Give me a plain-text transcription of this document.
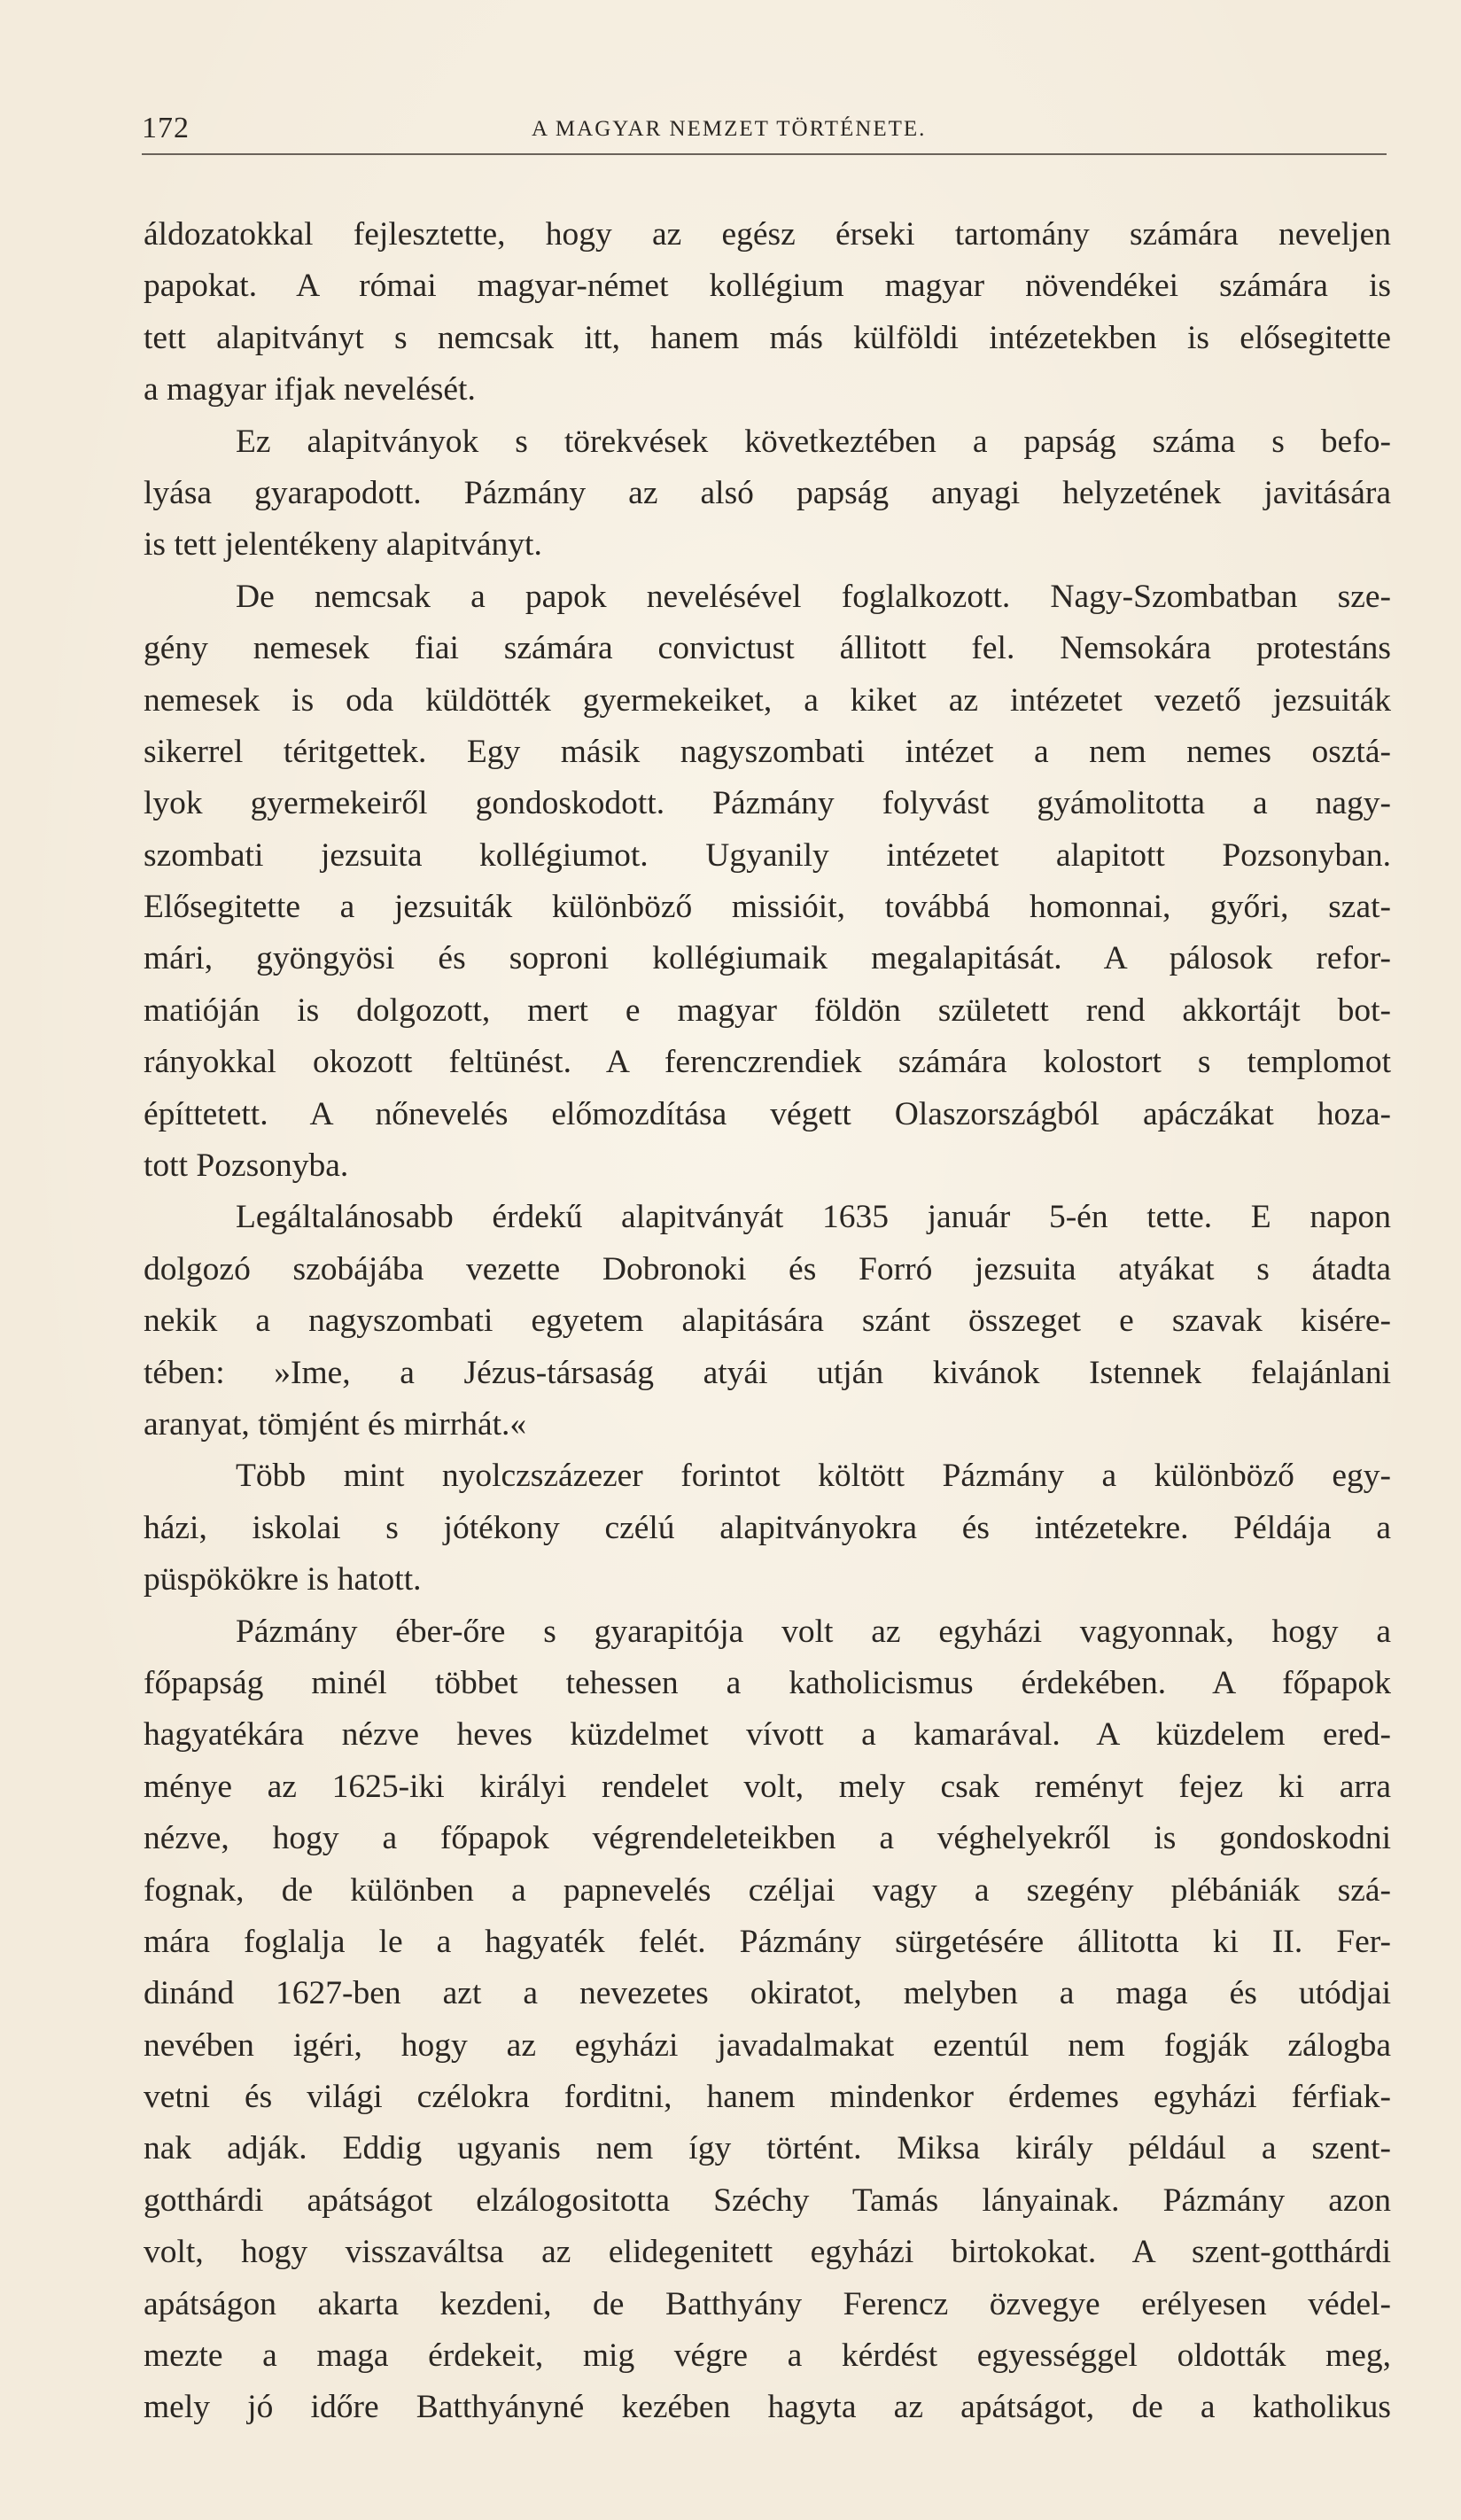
172	A MAGYAR NEMZET TÖRTÉNETE.
áldozatokkal fejlesztette, hogy az egész érseki tartomány számára neveljen
papokat. A római magyar-német kollégium magyar növendékei számára is
tett alapitványt s nemcsak itt, hanem más külföldi intézetekben is elősegitette
a magyar ifjak nevelését.
Ez alapitványok s törekvések következtében a papság száma s befo-
lyása gyarapodott. Pázmány az alsó papság anyagi helyzetének javitására
is tett jelentékeny alapitványt.
De nemcsak a papok nevelésével foglalkozott. Nagy-Szombatban sze-
gény nemesek fiai számára convictust állitott fel. Nemsokára protestáns
nemesek is oda küldötték gyermekeiket, a kiket az intézetet vezető jezsuiták
sikerrel téritgettek. Egy másik nagyszombati intézet a nem nemes osztá-
lyok gyermekeiről gondoskodott. Pázmány folyvást gyámolitotta a nagy-
szombati jezsuita kollégiumot. Ugyanily intézetet alapitott Pozsonyban.
Elősegitette a jezsuiták különböző missióit, továbbá homonnai, győri, szat-
mári, gyöngyösi és soproni kollégiumaik megalapitását. A pálosok refor-
matióján is dolgozott, mert e magyar földön született rend akkortájt bot-
rányokkal okozott feltünést. A ferenczrendiek számára kolostort s templomot
építtetett. A nőnevelés előmozdítása végett Olaszországból apáczákat hoza-
tott Pozsonyba.
Legáltalánosabb érdekű alapitványát 1635 január 5-én tette. E napon
dolgozó szobájába vezette Dobronoki és Forró jezsuita atyákat s átadta
nekik a nagyszombati egyetem alapitására szánt összeget e szavak kisére-
tében: »Ime, a Jézus-társaság atyái utján kivánok Istennek felajánlani
aranyat, tömjént és mirrhát.«
Több mint nyolczszázezer forintot költött Pázmány a különböző egy-
házi, iskolai s jótékony czélú alapitványokra és intézetekre. Példája a
püspökökre is hatott.
Pázmány éber-őre s gyarapitója volt az egyházi vagyonnak, hogy a
főpapság minél többet tehessen a katholicismus érdekében. A főpapok
hagyatékára nézve heves küzdelmet vívott a kamarával. A küzdelem ered-
ménye az 1625-iki királyi rendelet volt, mely csak reményt fejez ki arra
nézve, hogy a főpapok végrendeleteikben a véghelyekről is gondoskodni
fognak, de különben a papnevelés czéljai vagy a szegény plébániák szá-
mára foglalja le a hagyaték felét. Pázmány sürgetésére állitotta ki II. Fer-
dinánd 1627-ben azt a nevezetes okiratot, melyben a maga és utódjai
nevében igéri, hogy az egyházi javadalmakat ezentúl nem fogják zálogba
vetni és világi czélokra forditni, hanem mindenkor érdemes egyházi férfiak-
nak adják. Eddig ugyanis nem így történt. Miksa király például a szent-
gotthárdi apátságot elzálogositotta Széchy Tamás lányainak. Pázmány azon
volt, hogy visszaváltsa az elidegenitett egyházi birtokokat. A szent-gotthárdi
apátságon akarta kezdeni, de Batthyány Ferencz özvegye erélyesen védel-
mezte a maga érdekeit, mig végre a kérdést egyességgel oldották meg,
mely jó időre Batthyányné kezében hagyta az apátságot, de a katholikus
